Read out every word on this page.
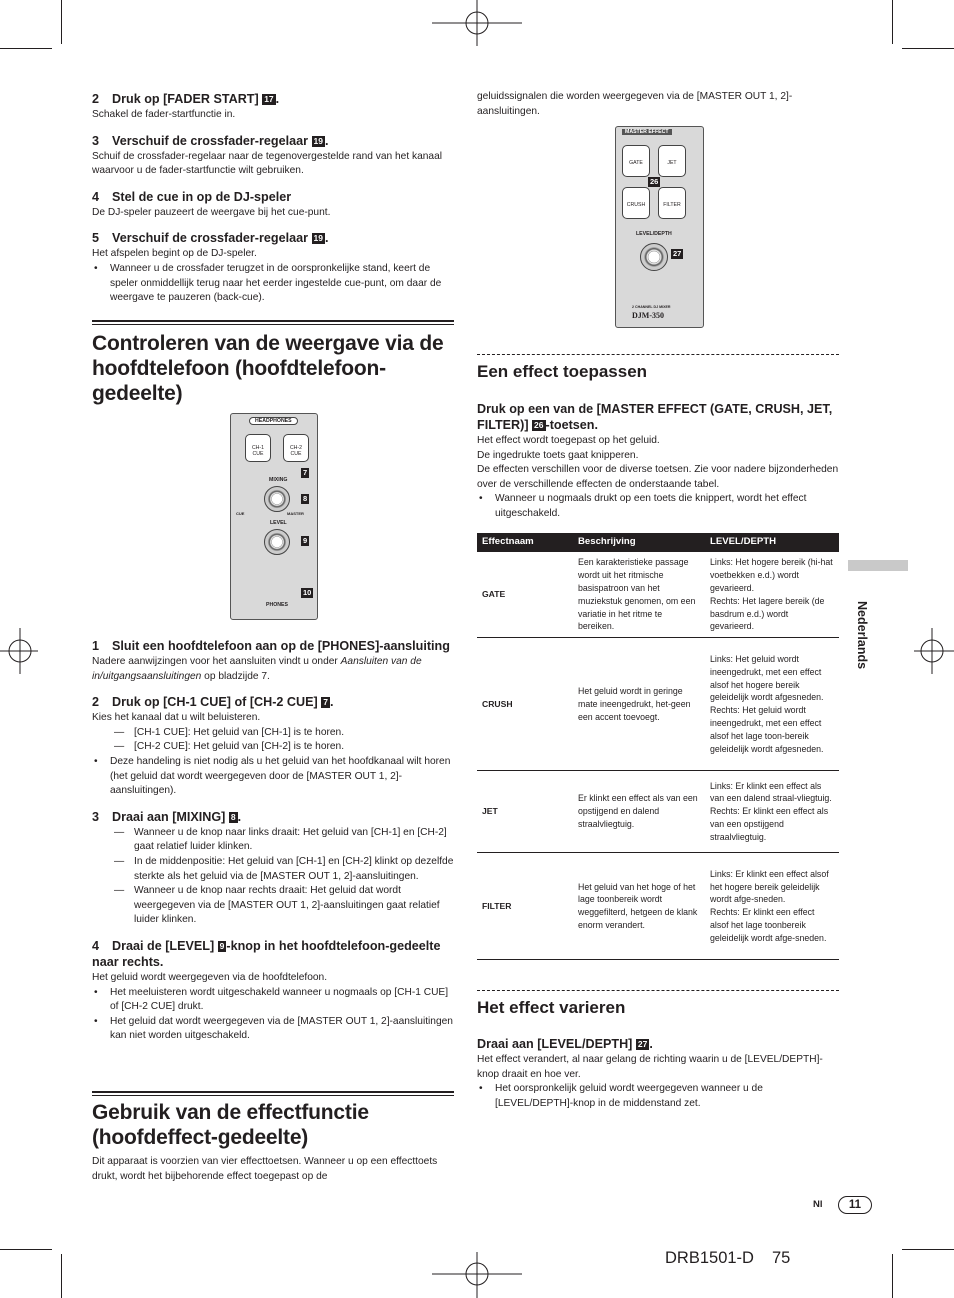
2 Druk op [FADER START] 17 .

Schakel de fader-startfunctie in.

3 Verschuif de crossfader-regelaar 19 .

Schuif de crossfader-regelaar naar de tegenovergestelde rand van het kanaal waarvoor u de fader-startfunctie wilt gebruiken.

4 Stel de cue in op de DJ-speler

De DJ-speler pauzeert de weergave bij het cue-punt.

5 Verschuif de crossfader-regelaar 19 .

Het afspelen begint op de DJ-speler.

• Wanneer u de crossfader terugzet in de oorspronkelijke stand, keert de speler onmiddellijk terug naar het eerder ingestelde cue-punt, om daar de weergave te pauzeren (back-cue).

Controleren van de weergave via de hoofdtelefoon (hoofdtelefoon-gedeelte)
HEADPHONES
CH-1
CUE
CH-2
CUE
7
MIXING
8
CUE	MASTER
LEVEL
9
10
PHONES

1 Sluit een hoofdtelefoon aan op de [PHONES]-aansluiting

Nadere aanwijzingen voor het aansluiten vindt u onder Aansluiten van de in/uitgangsaansluitingen op bladzijde 7.

2 Druk op [CH-1 CUE] of [CH-2 CUE] 7 .

Kies het kanaal dat u wilt beluisteren.

— [CH-1 CUE]: Het geluid van [CH-1] is te horen.

— [CH-2 CUE]: Het geluid van [CH-2] is te horen.

• Deze handeling is niet nodig als u het geluid van het hoofdkanaal wilt horen (het geluid dat wordt weergegeven door de [MASTER OUT 1, 2]-aansluitingen).

3 Draai aan [MIXING] 8 .

— Wanneer u de knop naar links draait: Het geluid van [CH-1] en [CH-2] gaat relatief luider klinken.

— In de middenpositie: Het geluid van [CH-1] en [CH-2] klinkt op dezelfde sterkte als het geluid via de [MASTER OUT 1, 2]-aansluitingen.

— Wanneer u de knop naar rechts draait: Het geluid dat wordt weergegeven via de [MASTER OUT 1, 2]-aansluitingen gaat relatief luider klinken.

4 Draai de [LEVEL] 9 -knop in het hoofdtelefoon-gedeelte naar rechts.

Het geluid wordt weergegeven via de hoofdtelefoon.

• Het meeluisteren wordt uitgeschakeld wanneer u nogmaals op [CH-1 CUE] of [CH-2 CUE] drukt.

• Het geluid dat wordt weergegeven via de [MASTER OUT 1, 2]-aansluitingen kan niet worden uitgeschakeld.

Gebruik van de effectfunctie (hoofdeffect-gedeelte)

Dit apparaat is voorzien van vier effecttoetsen. Wanneer u op een effecttoets drukt, wordt het bijbehorende effect toegepast op de

geluidssignalen die worden weergegeven via de [MASTER OUT 1, 2]-aansluitingen.

MASTER EFFECT
GATE	JET
26
CRUSH	FILTER
LEVEL/DEPTH
27
2 CHANNEL DJ MIXER
DJM-350
Een effect toepassen

Druk op een van de [MASTER EFFECT (GATE, CRUSH, JET, FILTER)] 26 -toetsen.

Het effect wordt toegepast op het geluid.

De ingedrukte toets gaat knipperen.

De effecten verschillen voor de diverse toetsen. Zie voor nadere bijzonderheden over de verschillende effecten de onderstaande tabel.

• Wanneer u nogmaals drukt op een toets die knippert, wordt het effect uitgeschakeld.

Effectnaam	Beschrijving	LEVEL/DEPTH
GATE	Een karakteristieke passage wordt uit het ritmische basispatroon van het muziekstuk genomen, om een variatie in het ritme te bereiken.	Links: Het hogere bereik (hi-hat voetbekken e.d.) wordt gevarieerd.
Rechts: Het lagere bereik (de basdrum e.d.) wordt gevarieerd.
CRUSH	Het geluid wordt in geringe mate ineengedrukt, het-geen een accent toevoegt.	Links: Het geluid wordt ineengedrukt, met een effect alsof het hogere bereik geleidelijk wordt afgesneden.
Rechts: Het geluid wordt ineengedrukt, met een effect alsof het lage toon-bereik geleidelijk wordt afgesneden.
JET	Er klinkt een effect als van een opstijgend en dalend straalvliegtuig.	Links: Er klinkt een effect als van een dalend straal-vliegtuig.
Rechts: Er klinkt een effect als van een opstijgend straalvliegtuig.
FILTER	Het geluid van het hoge of het lage toonbereik wordt weggefilterd, hetgeen de klank enorm verandert.	Links: Er klinkt een effect alsof het hogere bereik geleidelijk wordt afge-sneden.
Rechts: Er klinkt een effect alsof het lage toonbereik geleidelijk wordt afge-sneden.
Het effect varieren

Draai aan [LEVEL/DEPTH] 27 .

Het effect verandert, al naar gelang de richting waarin u de [LEVEL/DEPTH]-knop draait en hoe ver.

• Het oorspronkelijk geluid wordt weergegeven wanneer u de [LEVEL/DEPTH]-knop in de middenstand zet.

Nederlands
Nl	11
DRB1501-D 75
